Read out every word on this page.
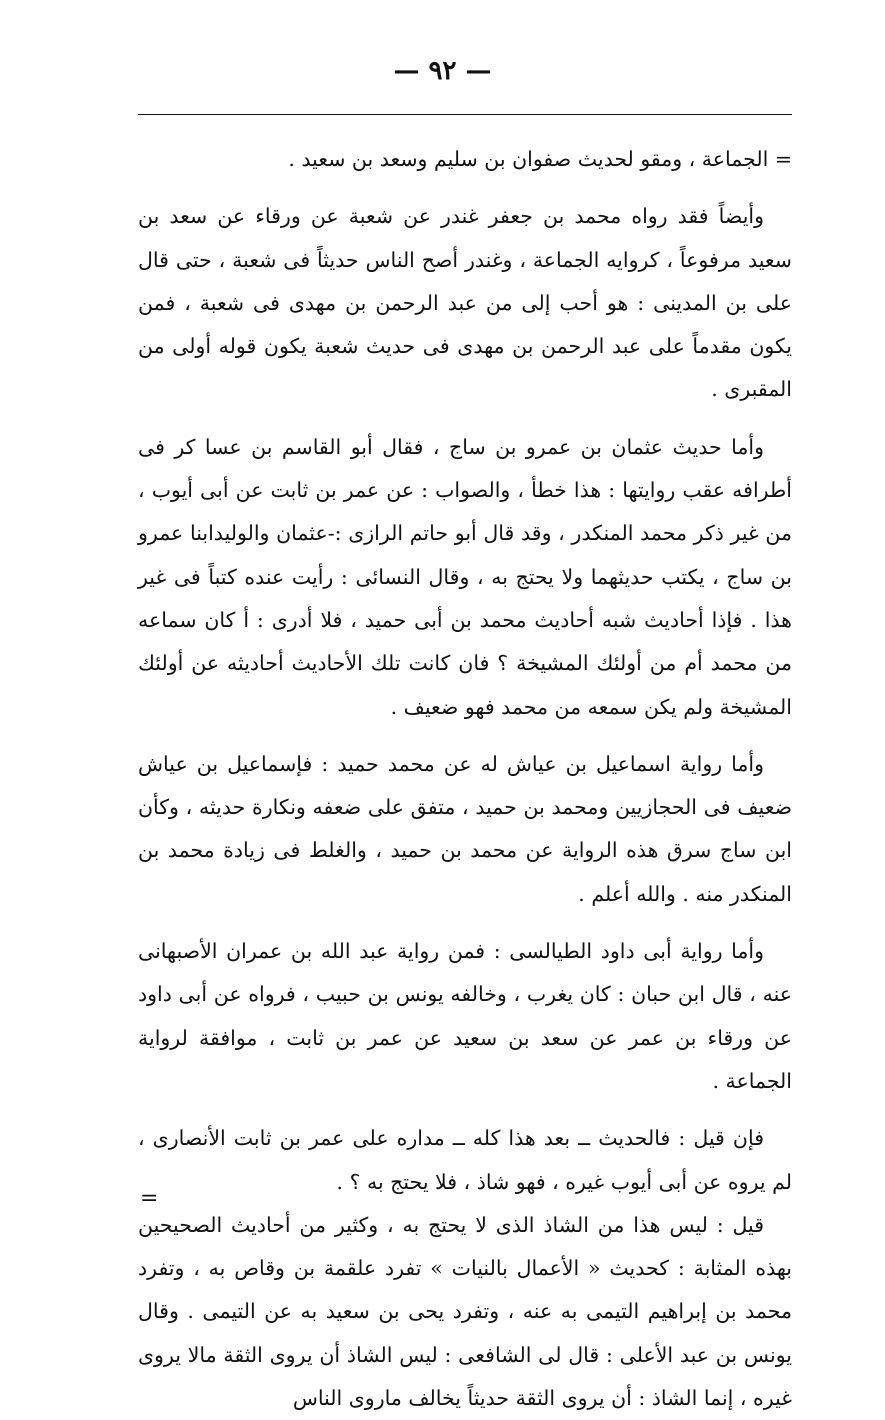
— ٩٢ —

= الجماعة ، ومقو لحديث صفوان بن سليم وسعد بن سعيد .

وأيضاً فقد رواه محمد بن جعفر غندر عن شعبة عن ورقاء عن سعد بن سعيد مرفوعاً ، كروايه الجماعة ، وغندر أصح الناس حديثاً فى شعبة ، حتى قال على بن المدينى : هو أحب إلى من عبد الرحمن بن مهدى فى شعبة ، فمن يكون مقدماً على عبد الرحمن بن مهدى فى حديث شعبة يكون قوله أولى من المقبرى .

وأما حديث عثمان بن عمرو بن ساج ، فقال أبو القاسم بن عسا كر فى أطرافه عقب روايتها : هذا خطأ ، والصواب : عن عمر بن ثابت عن أبى أيوب ، من غير ذكر محمد المنكدر ، وقد قال أبو حاتم الرازى :-عثمان والوليدابنا عمرو بن ساج ، يكتب حديثهما ولا يحتج به ، وقال النسائى : رأيت عنده كتباً فى غير هذا . فإذا أحاديث شبه أحاديث محمد بن أبى حميد ، فلا أدرى : أ كان سماعه من محمد أم من أولئك المشيخة ؟ فان كانت تلك الأحاديث أحاديثه عن أولئك المشيخة ولم يكن سمعه من محمد فهو ضعيف .

وأما رواية اسماعيل بن عياش له عن محمد حميد : فإسماعيل بن عياش ضعيف فى الحجازيين ومحمد بن حميد ، متفق على ضعفه ونكارة حديثه ، وكأن ابن ساج سرق هذه الرواية عن محمد بن حميد ، والغلط فى زيادة محمد بن المنكدر منه . والله أعلم .

وأما رواية أبى داود الطيالسى : فمن رواية عبد الله بن عمران الأصبهانى عنه ، قال ابن حبان : كان يغرب ، وخالفه يونس بن حبيب ، فرواه عن أبى داود عن ورقاء بن عمر عن سعد بن سعيد عن عمر بن ثابت ، موافقة لرواية الجماعة .

فإن قيل : فالحديث ــ بعد هذا كله ــ مداره على عمر بن ثابت الأنصارى ، لم يروه عن أبى أيوب غيره ، فهو شاذ ، فلا يحتج به ؟ .

قيل : ليس هذا من الشاذ الذى لا يحتج به ، وكثير من أحاديث الصحيحين بهذه المثابة : كحديث « الأعمال بالنيات » تفرد علقمة بن وقاص به ، وتفرد محمد بن إبراهيم التيمى به عنه ، وتفرد يحى بن سعيد به عن التيمى . وقال يونس بن عبد الأعلى : قال لى الشافعى : ليس الشاذ أن يروى الثقة مالا يروى غيره ، إنما الشاذ : أن يروى الثقة حديثاً يخالف ماروى الناس

=
